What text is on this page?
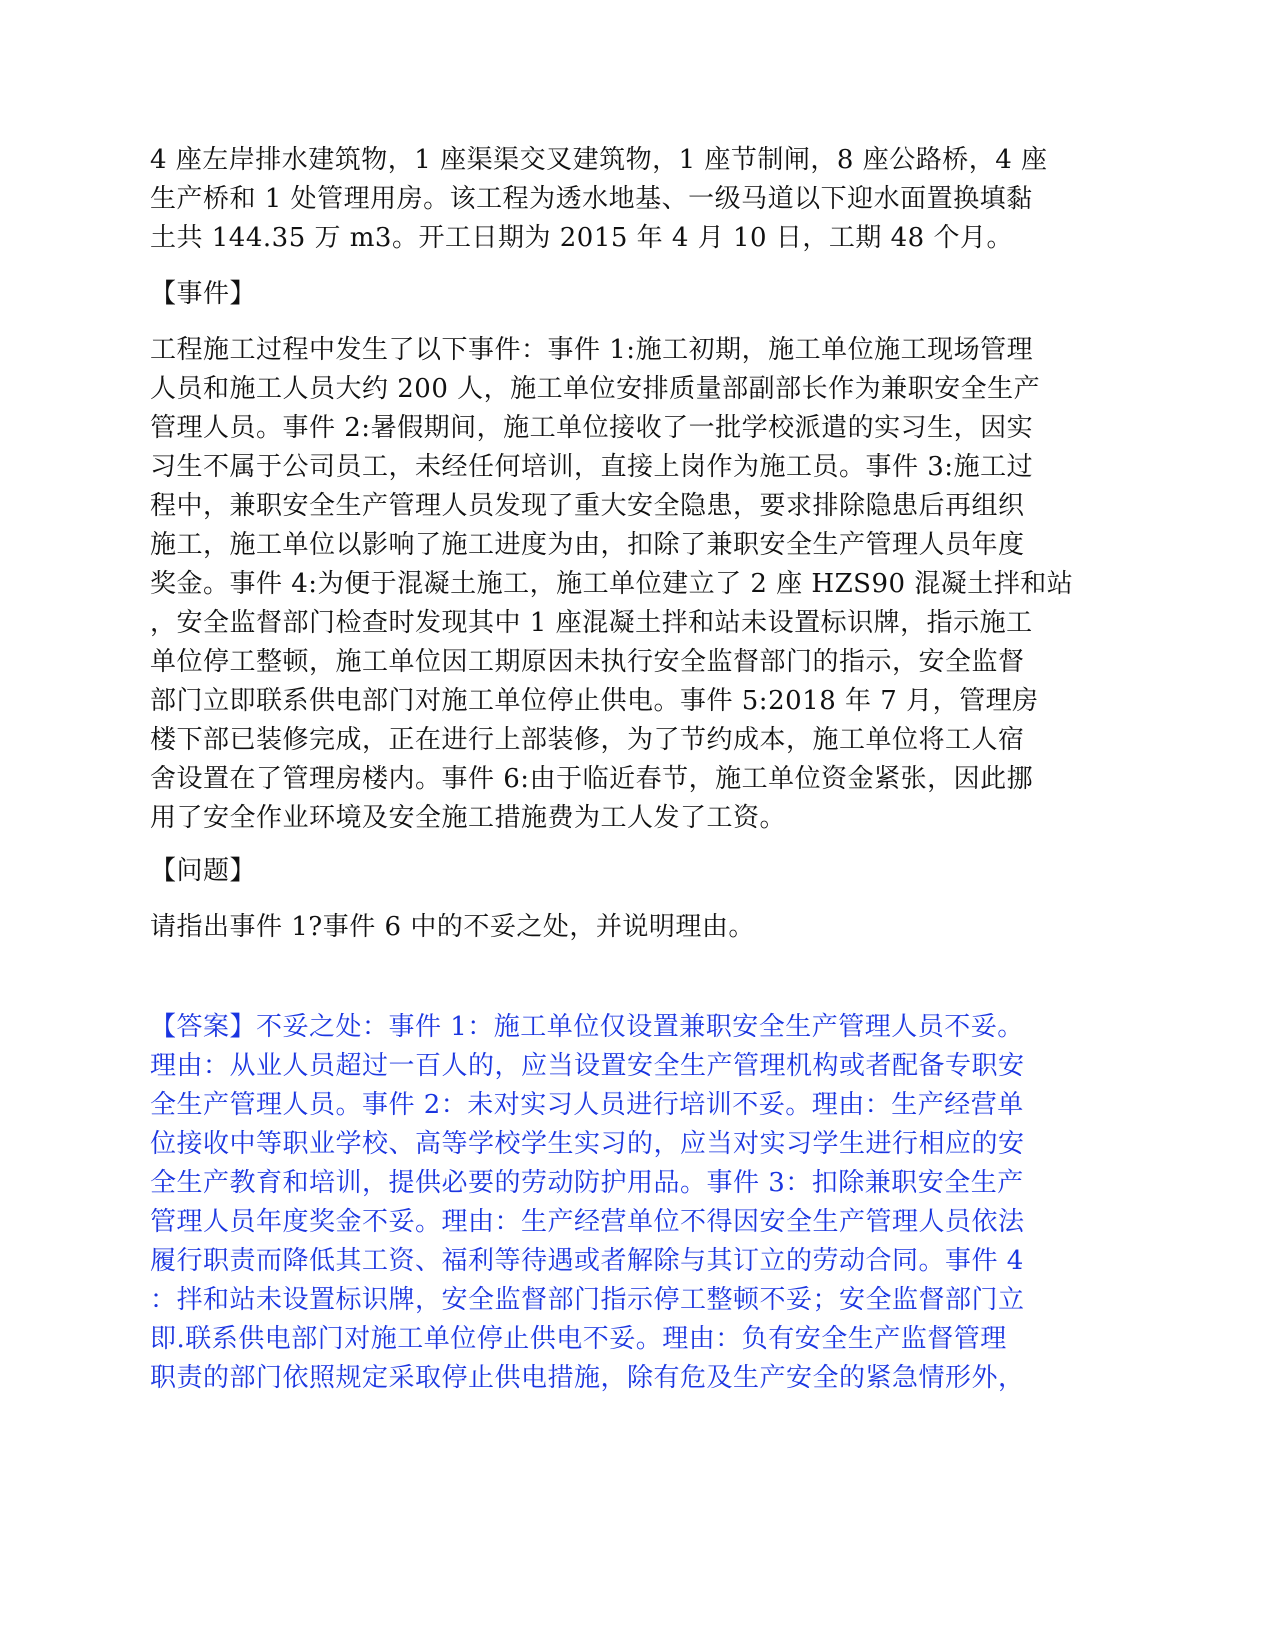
4 座左岸排水建筑物，1 座渠渠交叉建筑物，1 座节制闸，8 座公路桥，4 座
生产桥和 1 处管理用房。该工程为透水地基、一级马道以下迎水面置换填黏
土共 144.35 万 m3。开工日期为 2015 年 4 月 10 日，工期 48 个月。
【事件】
工程施工过程中发生了以下事件：事件 1:施工初期，施工单位施工现场管理
人员和施工人员大约 200 人，施工单位安排质量部副部长作为兼职安全生产
管理人员。事件 2:暑假期间，施工单位接收了一批学校派遣的实习生，因实
习生不属于公司员工，未经任何培训，直接上岗作为施工员。事件 3:施工过
程中，兼职安全生产管理人员发现了重大安全隐患，要求排除隐患后再组织
施工，施工单位以影响了施工进度为由，扣除了兼职安全生产管理人员年度
奖金。事件 4:为便于混凝土施工，施工单位建立了 2 座 HZS90 混凝土拌和站
，安全监督部门检查时发现其中 1 座混凝土拌和站未设置标识牌，指示施工
单位停工整顿，施工单位因工期原因未执行安全监督部门的指示，安全监督
部门立即联系供电部门对施工单位停止供电。事件 5:2018 年 7 月，管理房
楼下部已装修完成，正在进行上部装修，为了节约成本，施工单位将工人宿
舍设置在了管理房楼内。事件 6:由于临近春节，施工单位资金紧张，因此挪
用了安全作业环境及安全施工措施费为工人发了工资。
【问题】
请指出事件 1?事件 6 中的不妥之处，并说明理由。
【答案】不妥之处：事件 1：施工单位仅设置兼职安全生产管理人员不妥。
理由：从业人员超过一百人的，应当设置安全生产管理机构或者配备专职安
全生产管理人员。事件 2：未对实习人员进行培训不妥。理由：生产经营单
位接收中等职业学校、高等学校学生实习的，应当对实习学生进行相应的安
全生产教育和培训，提供必要的劳动防护用品。事件 3：扣除兼职安全生产
管理人员年度奖金不妥。理由：生产经营单位不得因安全生产管理人员依法
履行职责而降低其工资、福利等待遇或者解除与其订立的劳动合同。事件 4
：拌和站未设置标识牌，安全监督部门指示停工整顿不妥；安全监督部门立
即.联系供电部门对施工单位停止供电不妥。理由：负有安全生产监督管理
职责的部门依照规定采取停止供电措施，除有危及生产安全的紧急情形外，
